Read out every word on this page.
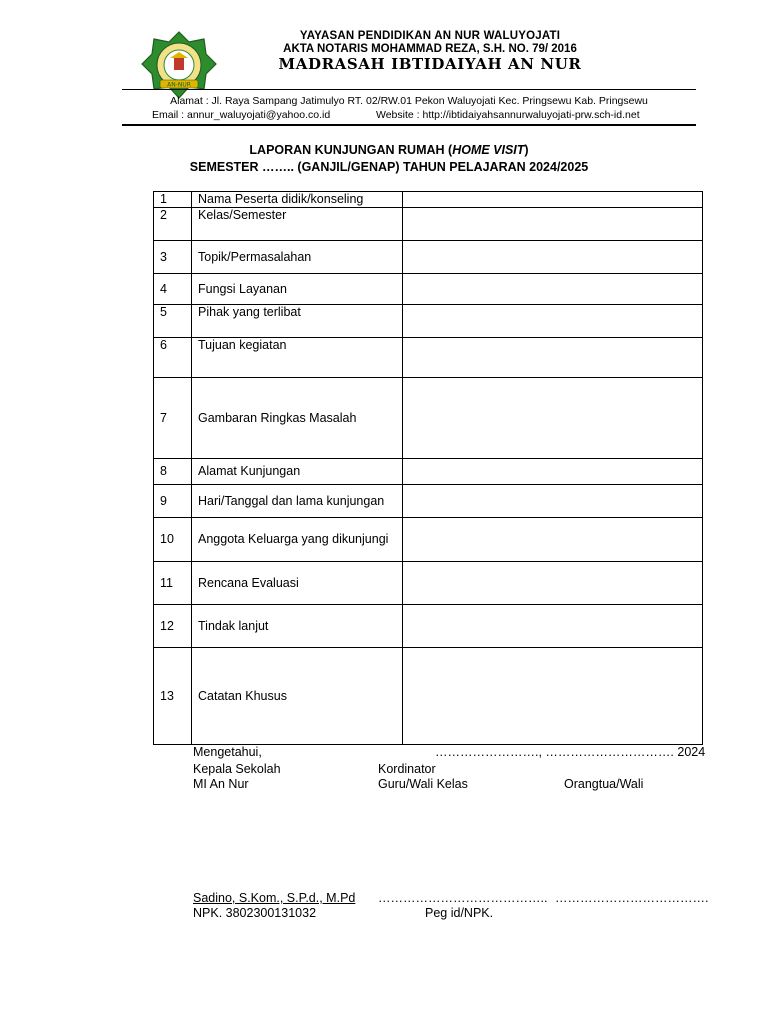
AN-NUR
YAYASAN PENDIDIKAN AN NUR WALUYOJATI
AKTA NOTARIS MOHAMMAD REZA, S.H. NO. 79/ 2016
MADRASAH IBTIDAIYAH AN NUR
Alamat : Jl. Raya Sampang Jatimulyo RT. 02/RW.01 Pekon Waluyojati Kec. Pringsewu Kab. Pringsewu
Email : annur_waluyojati@yahoo.co.id	Website : http://ibtidaiyahsannurwaluyojati-prw.sch-id.net
LAPORAN KUNJUNGAN RUMAH (HOME VISIT)
SEMESTER …….. (GANJIL/GENAP) TAHUN PELAJARAN 2024/2025
1	Nama Peserta didik/konseling	
2	Kelas/Semester	
3	Topik/Permasalahan	
4	Fungsi Layanan	
5	Pihak yang terlibat	
6	Tujuan kegiatan	
7	Gambaran Ringkas Masalah	
8	Alamat Kunjungan	
9	Hari/Tanggal dan lama kunjungan	
10	Anggota Keluarga yang dikunjungi	
11	Rencana Evaluasi	
12	Tindak lanjut	
13	Catatan Khusus	
Mengetahui,	……………………., …………………………. 2024
Kepala Sekolah	Kordinator
MI An Nur	Guru/Wali Kelas	Orangtua/Wali
Sadino, S.Kom., S.P.d., M.Pd ………………………………….. ……………………………….
NPK. 3802300131032	Peg id/NPK.
